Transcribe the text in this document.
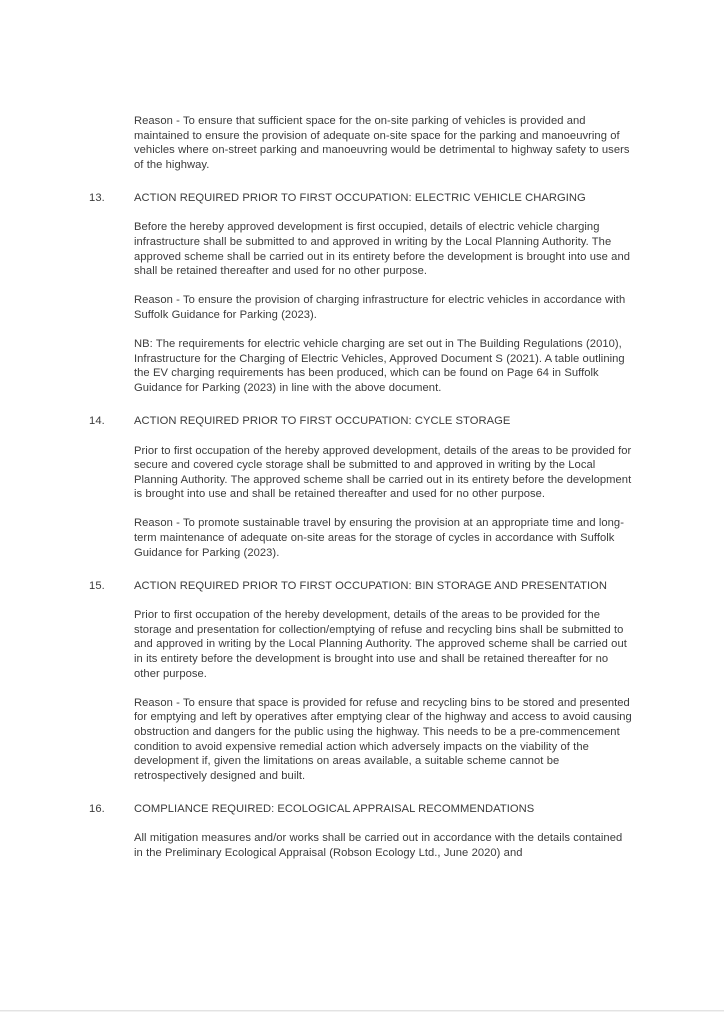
Reason - To ensure that sufficient space for the on-site parking of vehicles is provided and maintained to ensure the provision of adequate on-site space for the parking and manoeuvring of vehicles where on-street parking and manoeuvring would be detrimental to highway safety to users of the highway.

13.	ACTION REQUIRED PRIOR TO FIRST OCCUPATION: ELECTRIC VEHICLE CHARGING

Before the hereby approved development is first occupied, details of electric vehicle charging infrastructure shall be submitted to and approved in writing by the Local Planning Authority. The approved scheme shall be carried out in its entirety before the development is brought into use and shall be retained thereafter and used for no other purpose.

Reason - To ensure the provision of charging infrastructure for electric vehicles in accordance with Suffolk Guidance for Parking (2023).

NB: The requirements for electric vehicle charging are set out in The Building Regulations (2010), Infrastructure for the Charging of Electric Vehicles, Approved Document S (2021). A table outlining the EV charging requirements has been produced, which can be found on Page 64 in Suffolk Guidance for Parking (2023) in line with the above document.

14.	ACTION REQUIRED PRIOR TO FIRST OCCUPATION: CYCLE STORAGE

Prior to first occupation of the hereby approved development, details of the areas to be provided for secure and covered cycle storage shall be submitted to and approved in writing by the Local Planning Authority. The approved scheme shall be carried out in its entirety before the development is brought into use and shall be retained thereafter and used for no other purpose.

Reason - To promote sustainable travel by ensuring the provision at an appropriate time and long-term maintenance of adequate on-site areas for the storage of cycles in accordance with Suffolk Guidance for Parking (2023).

15.	ACTION REQUIRED PRIOR TO FIRST OCCUPATION: BIN STORAGE AND PRESENTATION

Prior to first occupation of the hereby development, details of the areas to be provided for the storage and presentation for collection/emptying of refuse and recycling bins shall be submitted to and approved in writing by the Local Planning Authority. The approved scheme shall be carried out in its entirety before the development is brought into use and shall be retained thereafter for no other purpose.

Reason - To ensure that space is provided for refuse and recycling bins to be stored and presented for emptying and left by operatives after emptying clear of the highway and access to avoid causing obstruction and dangers for the public using the highway. This needs to be a pre-commencement condition to avoid expensive remedial action which adversely impacts on the viability of the development if, given the limitations on areas available, a suitable scheme cannot be retrospectively designed and built.

16.	COMPLIANCE REQUIRED: ECOLOGICAL APPRAISAL RECOMMENDATIONS

All mitigation measures and/or works shall be carried out in accordance with the details contained in the Preliminary Ecological Appraisal (Robson Ecology Ltd., June 2020) and
